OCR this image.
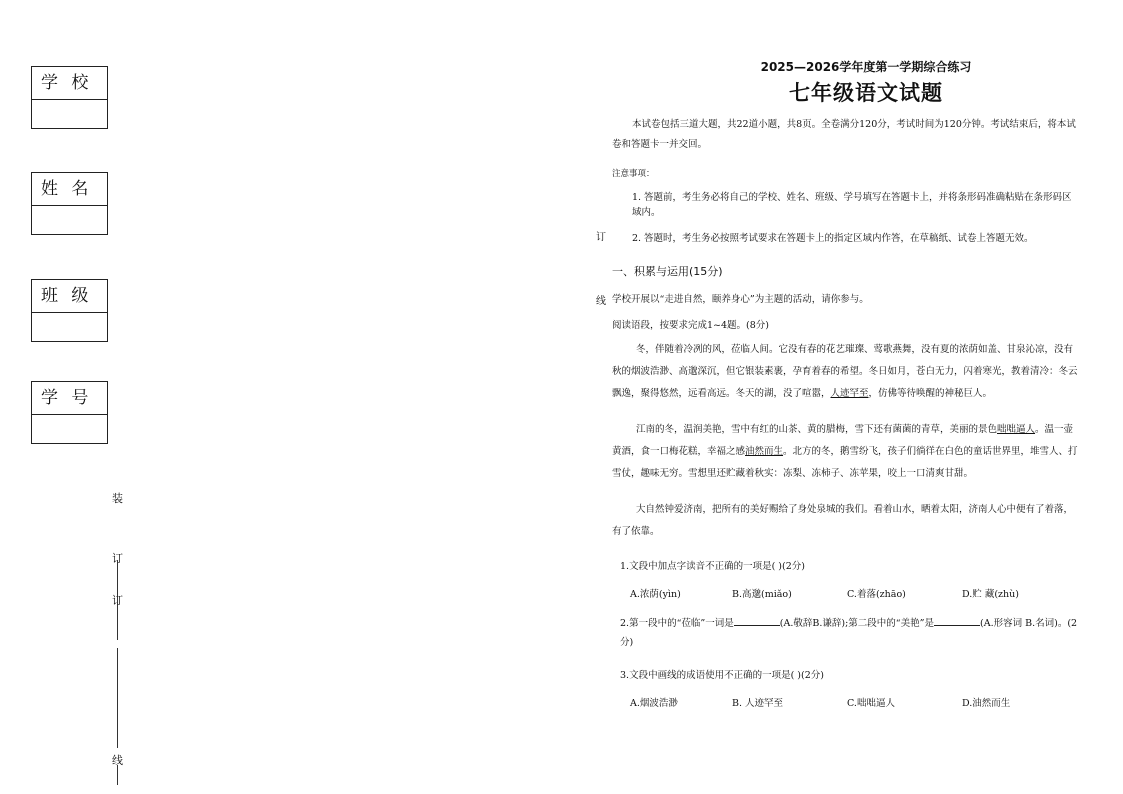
学 校
姓 名
班 级
学 号
装
订
订
线
订
线
2025—2026学年度第一学期综合练习
七年级语文试题

本试卷包括三道大题，共22道小题，共8页。全卷满分120分，考试时间为120分钟。考试结束后，将本试卷和答题卡一并交回。

注意事项：

1. 答题前，考生务必将自己的学校、姓名、班级、学号填写在答题卡上，并将条形码准确粘贴在条形码区域内。
2. 答题时，考生务必按照考试要求在答题卡上的指定区域内作答，在草稿纸、试卷上答题无效。

一、积累与运用(15分)

学校开展以“走进自然，颐养身心”为主题的活动，请你参与。

阅读语段，按要求完成1~4题。(8分)

冬，伴随着冷冽的风，莅临人间。它没有春的花艺璀璨、莺歌燕舞，没有夏的浓荫如盖、甘泉沁凉，没有秋的烟波浩渺、高邈深沉，但它银装素裹，孕育着春的希望。冬日如月，苍白无力，闪着寒光，教着清冷：冬云飘逸，聚得悠然，远看高远。冬天的湖，没了喧嚣，人迹罕至，仿佛等待唤醒的神秘巨人。

江南的冬，温润美艳，雪中有红的山茶、黄的腊梅，雪下还有菌菌的青草，美丽的景色咄咄逼人。温一壶黄酒，食一口梅花糕，幸福之感油然而生。北方的冬，鹅雪纷飞，孩子们徜徉在白色的童话世界里，堆雪人、打雪仗，趣味无穷。雪想里还贮藏着秋实：冻梨、冻柿子、冻苹果，咬上一口清爽甘甜。

大自然钟爱济南，把所有的美好赐给了身处泉城的我们。看着山水，晒着太阳，济南人心中便有了着落，有了依靠。

1.文段中加点字读音不正确的一项是( )(2分)

A.浓荫(yìn)	B.高邈(miǎo)	C.着落(zhāo)	D.贮 藏(zhù)

2.第一段中的“莅临”一词是	(A.敬辞B.谦辞);第二段中的“美艳”是	(A.形容词 B.名词)。(2分)

3.文段中画线的成语使用不正确的一项是( )(2分)

A.烟波浩渺	B. 人迹罕至	C.咄咄逼人	D.油然而生
